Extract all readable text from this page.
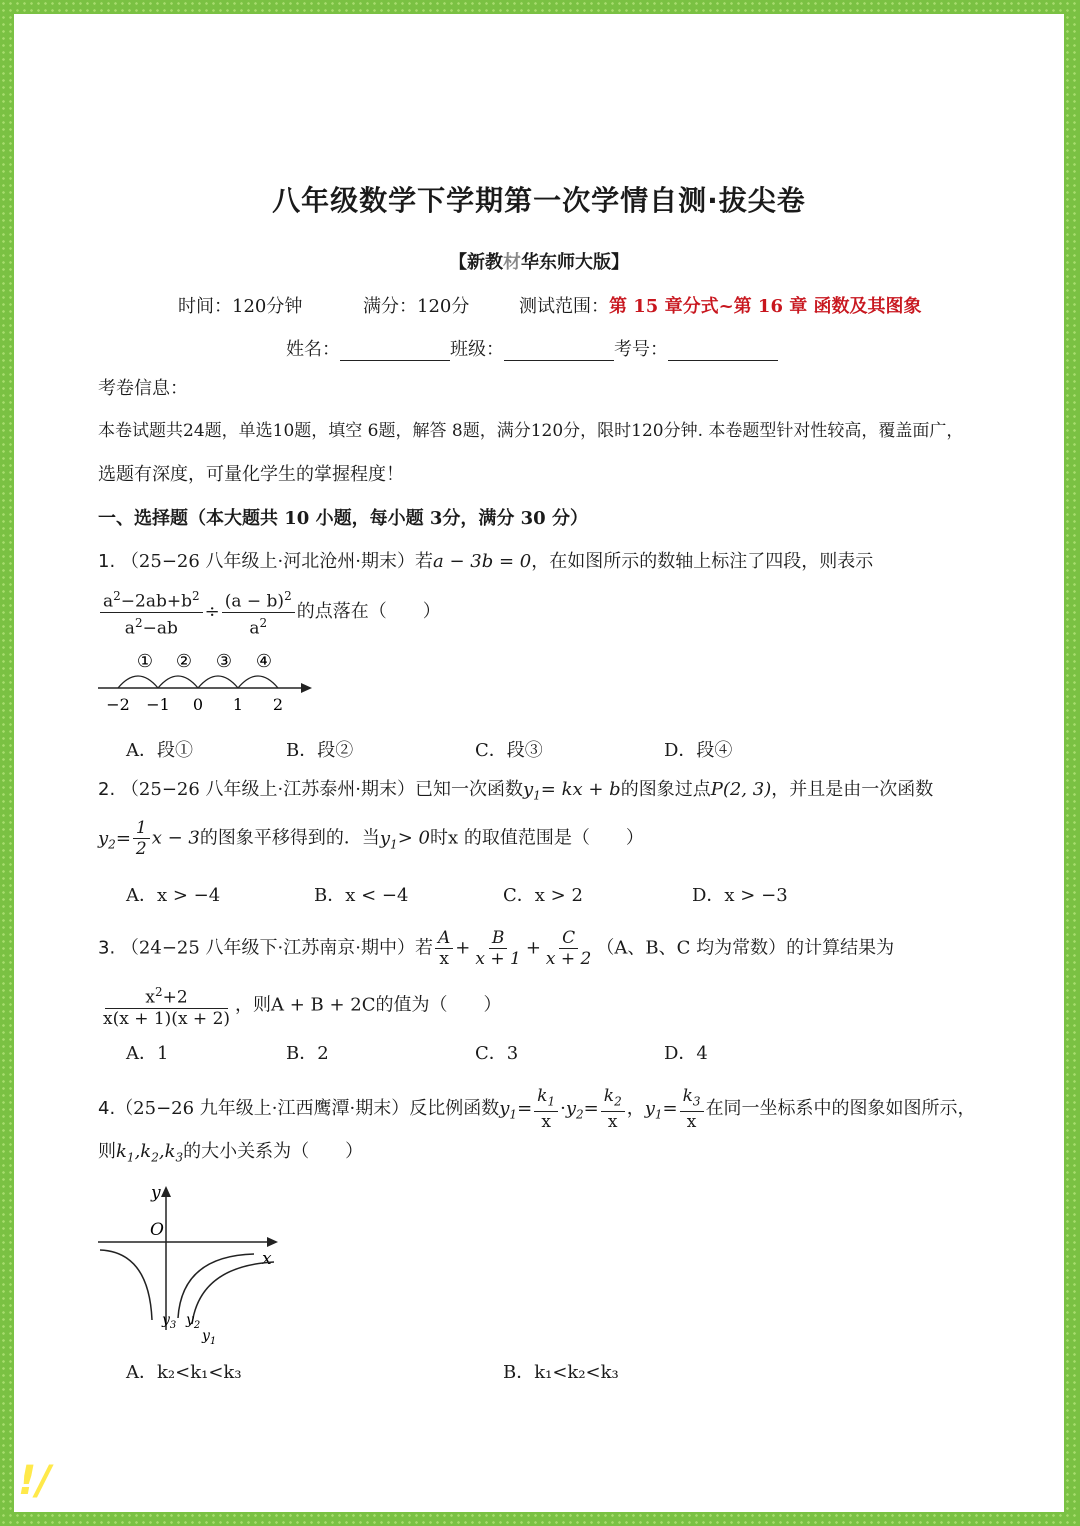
八年级数学下学期第一次学情自测·拔尖卷
【新教材华东师大版】
时间：120分钟	满分：120分	测试范围：第 15 章分式~第 16 章 函数及其图象
姓名：	班级：	考号：
考卷信息：
本卷试题共24题，单选10题，填空 6题，解答 8题，满分120分，限时120分钟. 本卷题型针对性较高，覆盖面广，
选题有深度，可量化学生的掌握程度！
一、选择题（本大题共 10 小题，每小题 3分，满分 30 分）
1. （25−26 八年级上·河北沧州·期末）若a − 3b = 0，在如图所示的数轴上标注了四段，则表示
$\frac{a^2-2ab+b^2}{a^2-ab} \div \frac{(a - b)^2}{a^2}$ 的点落在（　　）
① ② ③ ④
−2 −1 0 1 2
A．段①	B．段②	C．段③	D．段④
2. （25−26 八年级上·江苏泰州·期末）已知一次函数$y_1=$ kx + b的图象过点P(2, 3)，并且是由一次函数
$y_2= \frac{1}{2}$ x − 3的图象平移得到的．当$y_1> 0$时x 的取值范围是（　　）
A．x > −4	B．x < −4	C．x > 2	D．x > −3
3. （24−25 八年级下·江苏南京·期中）若 $\frac{A}{x} + \frac{B}{x + 1} + \frac{C}{x + 2} (A$、B、C 均为常数）的计算结果为
$\frac{x^2+2}{x(x + 1)(x + 2)}$ ，则A + B + 2C的值为（　　）
A．1	B．2	C．3	D．4
4.（25−26 九年级上·江西鹰潭·期末）反比例函数$y_1= \frac{k_1}{x} \cdot y_2= \frac{k_2}{x}$ ，$y_1= \frac{k_3}{x}$ 在同一坐标系中的图象如图所示，
则$k_1,k_2,k_3$的大小关系为（　　）
x
y
O
$y_3$ $y_2$
$y_1$
A．k₂<k₁<k₃	B．k₁<k₂<k₃
!/
